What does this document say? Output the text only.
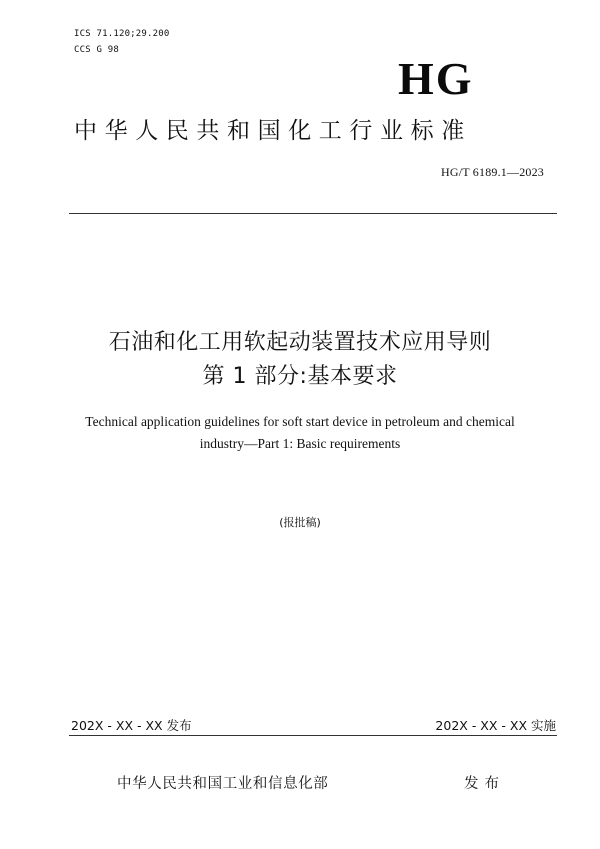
ICS 71.120;29.200
CCS G 98
HG
中华人民共和国化工行业标准
HG/T 6189.1—2023
石油和化工用软起动装置技术应用导则
第 1 部分:基本要求
Technical application guidelines for soft start device in petroleum and chemical
industry—Part 1: Basic requirements
(报批稿)
202X - XX - XX 发布	202X - XX - XX 实施
中华人民共和国工业和信息化部	发布
